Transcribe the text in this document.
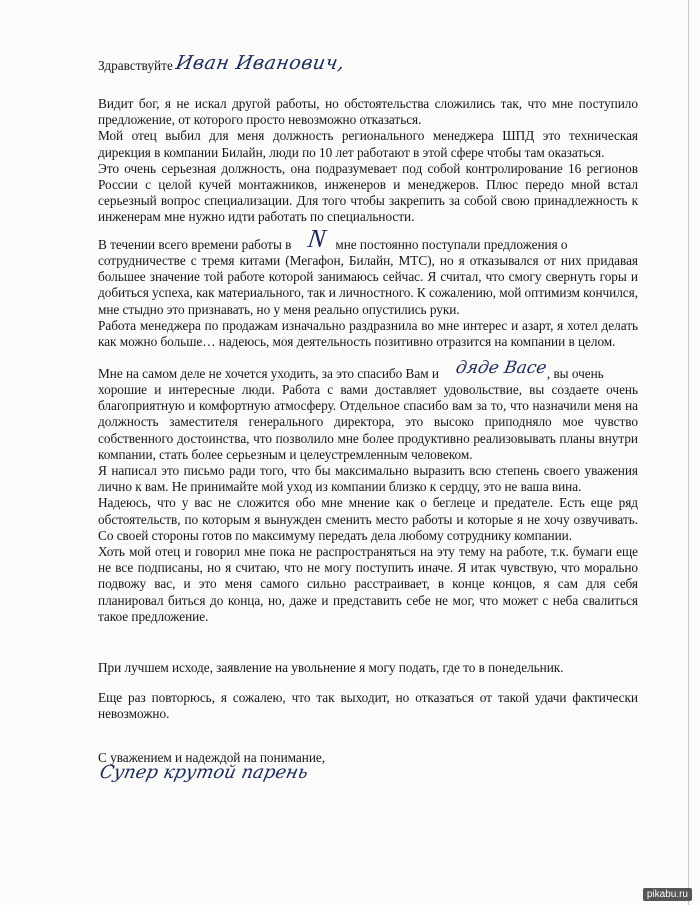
Здравствуйте Иван Иванович,
Видит бог, я не искал другой работы, но обстоятельства сложились так, что мне поступило предложение, от которого просто невозможно отказаться.
Мой отец выбил для меня должность регионального менеджера ШПД это техническая дирекция в компании Билайн, люди по 10 лет работают в этой сфере чтобы там оказаться.
Это очень серьезная должность, она подразумевает под собой контролирование 16 регионов России с целой кучей монтажников, инженеров и менеджеров. Плюс передо мной встал серьезный вопрос специализации. Для того чтобы закрепить за собой свою принадлежность к инженерам мне нужно идти работать по специальности.
В течении всего времени работы в	мне постоянно поступали предложения о
N
сотрудничестве с тремя китами (Мегафон, Билайн, МТС), но я отказывался от них придавая большее значение той работе которой занимаюсь сейчас. Я считал, что смогу свернуть горы и добиться успеха, как материального, так и личностного. К сожалению, мой оптимизм кончился, мне стыдно это признавать, но у меня реально опустились руки.
Работа менеджера по продажам изначально раздразнила во мне интерес и азарт, я хотел делать как можно больше… надеюсь, моя деятельность позитивно отразится на компании в целом.
Мне на самом деле не хочется уходить, за это спасибо Вам и	, вы очень
дяде Васе
хорошие и интересные люди. Работа с вами доставляет удовольствие, вы создаете очень благоприятную и комфортную атмосферу. Отдельное спасибо вам за то, что назначили меня на должность заместителя генерального директора, это высоко приподняло мое чувство собственного достоинства, что позволило мне более продуктивно реализовывать планы внутри компании, стать более серьезным и целеустремленным человеком.
Я написал это письмо ради того, что бы максимально выразить всю степень своего уважения лично к вам. Не принимайте мой уход из компании близко к сердцу, это не ваша вина.
Надеюсь, что у вас не сложится обо мне мнение как о беглеце и предателе. Есть еще ряд обстоятельств, по которым я вынужден сменить место работы и которые я не хочу озвучивать. Со своей стороны готов по максимуму передать дела любому сотруднику компании.
Хоть мой отец и говорил мне пока не распространяться на эту тему на работе, т.к. бумаги еще не все подписаны, но я считаю, что не могу поступить иначе. Я итак чувствую, что морально подвожу вас, и это меня самого сильно расстраивает, в конце концов, я сам для себя планировал биться до конца, но, даже и представить себе не мог, что может с неба свалиться такое предложение.
При лучшем исходе, заявление на увольнение я могу подать, где то в понедельник.
Еще раз повторюсь, я сожалею, что так выходит, но отказаться от такой удачи фактически невозможно.
С уважением и надеждой на понимание,
Супер крутой парень
pikabu.ru
